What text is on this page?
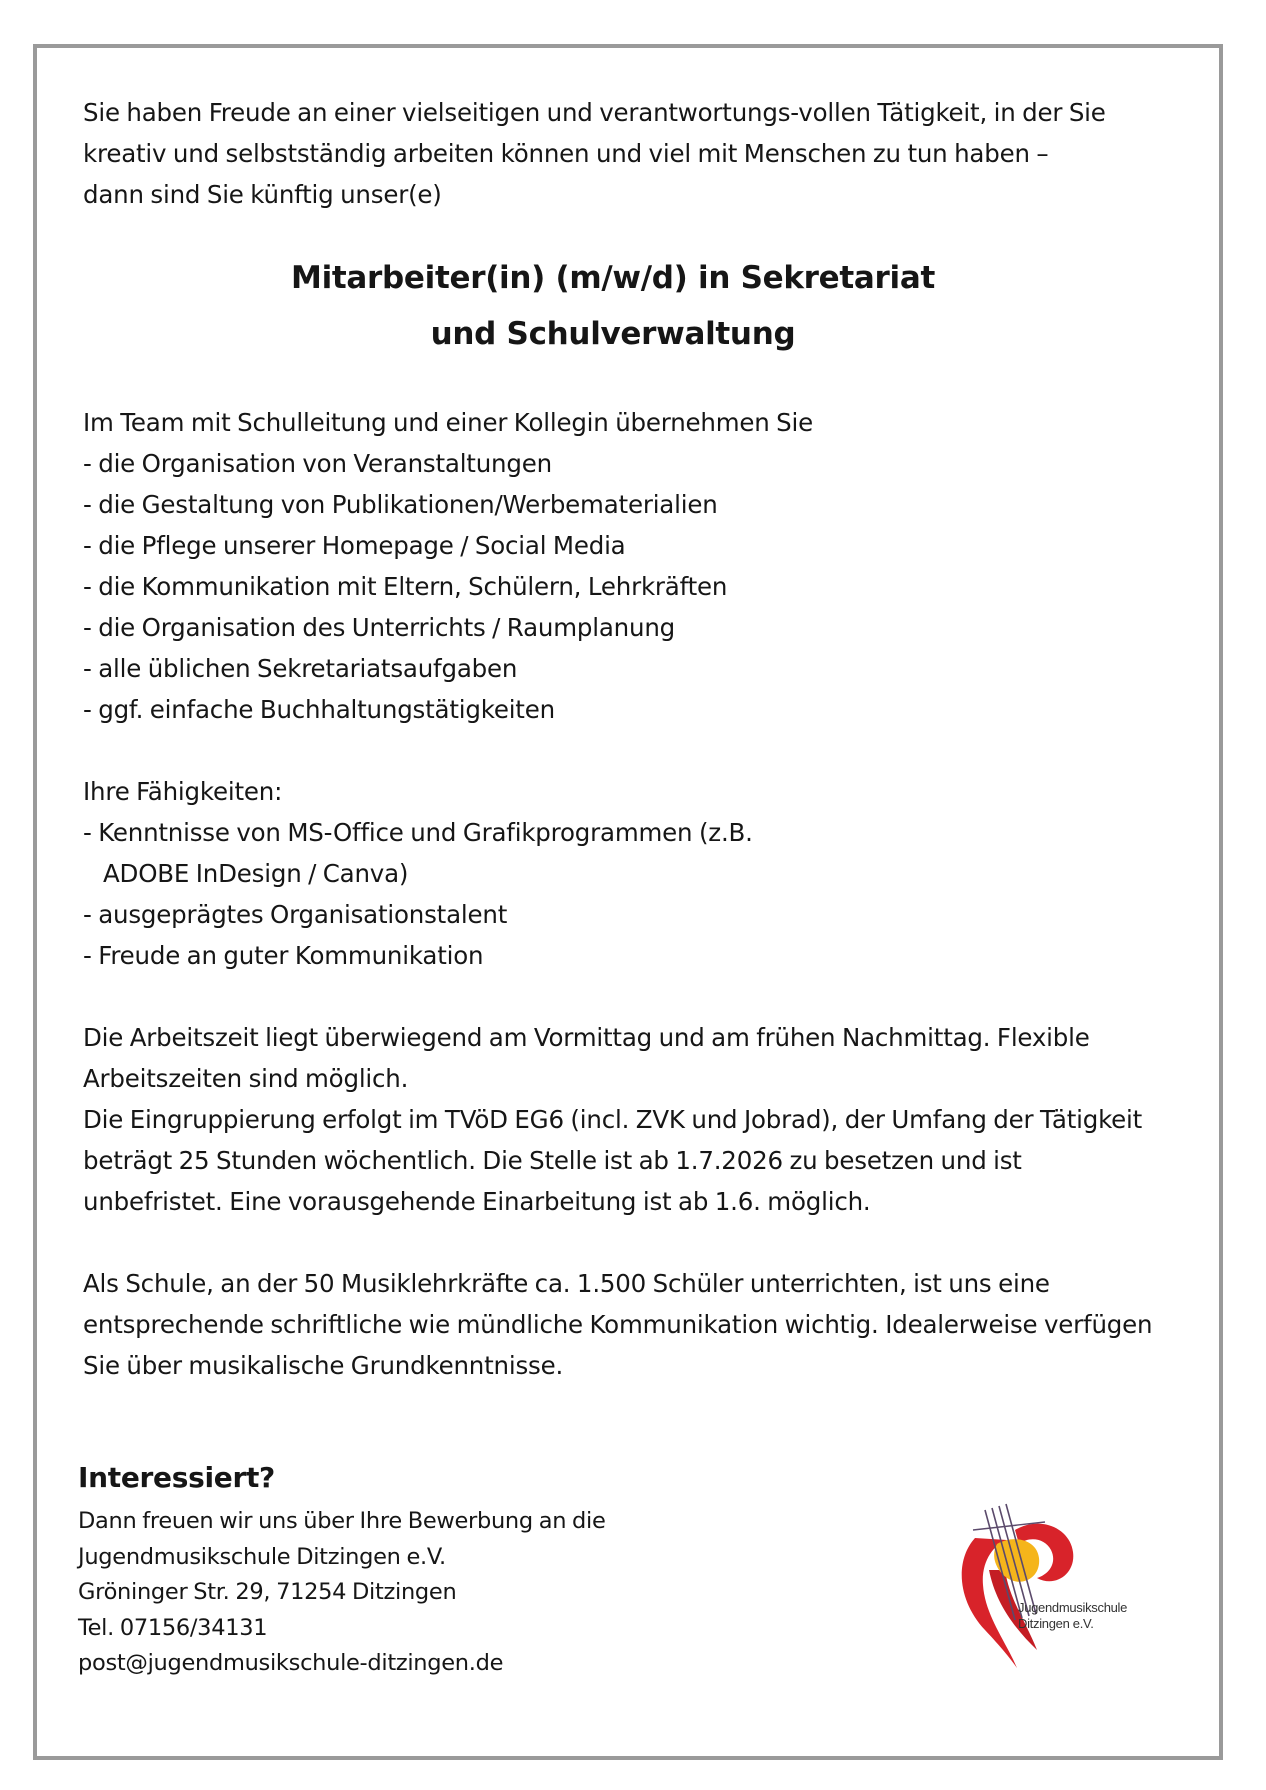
Sie haben Freude an einer vielseitigen und verantwortungs-vollen Tätigkeit, in der Sie

kreativ und selbstständig arbeiten können und viel mit Menschen zu tun haben –

dann sind Sie künftig unser(e)

Mitarbeiter(in) (m/w/d) in Sekretariat

und Schulverwaltung

Im Team mit Schulleitung und einer Kollegin übernehmen Sie

- die Organisation von Veranstaltungen

- die Gestaltung von Publikationen/Werbematerialien

- die Pflege unserer Homepage / Social Media

- die Kommunikation mit Eltern, Schülern, Lehrkräften

- die Organisation des Unterrichts / Raumplanung

- alle üblichen Sekretariatsaufgaben

- ggf. einfache Buchhaltungstätigkeiten

Ihre Fähigkeiten:

- Kenntnisse von MS-Office und Grafikprogrammen (z.B.

ADOBE InDesign / Canva)

- ausgeprägtes Organisationstalent

- Freude an guter Kommunikation

Die Arbeitszeit liegt überwiegend am Vormittag und am frühen Nachmittag. Flexible

Arbeitszeiten sind möglich.

Die Eingruppierung erfolgt im TVöD EG6 (incl. ZVK und Jobrad), der Umfang der Tätigkeit

beträgt 25 Stunden wöchentlich. Die Stelle ist ab 1.7.2026 zu besetzen und ist

unbefristet. Eine vorausgehende Einarbeitung ist ab 1.6. möglich.

Als Schule, an der 50 Musiklehrkräfte ca. 1.500 Schüler unterrichten, ist uns eine

entsprechende schriftliche wie mündliche Kommunikation wichtig. Idealerweise verfügen

Sie über musikalische Grundkenntnisse.

Interessiert?

Dann freuen wir uns über Ihre Bewerbung an die

Jugendmusikschule Ditzingen e.V.

Gröninger Str. 29, 71254 Ditzingen

Tel. 07156/34131

post@jugendmusikschule-ditzingen.de

Jugendmusikschule
Ditzingen e.V.
